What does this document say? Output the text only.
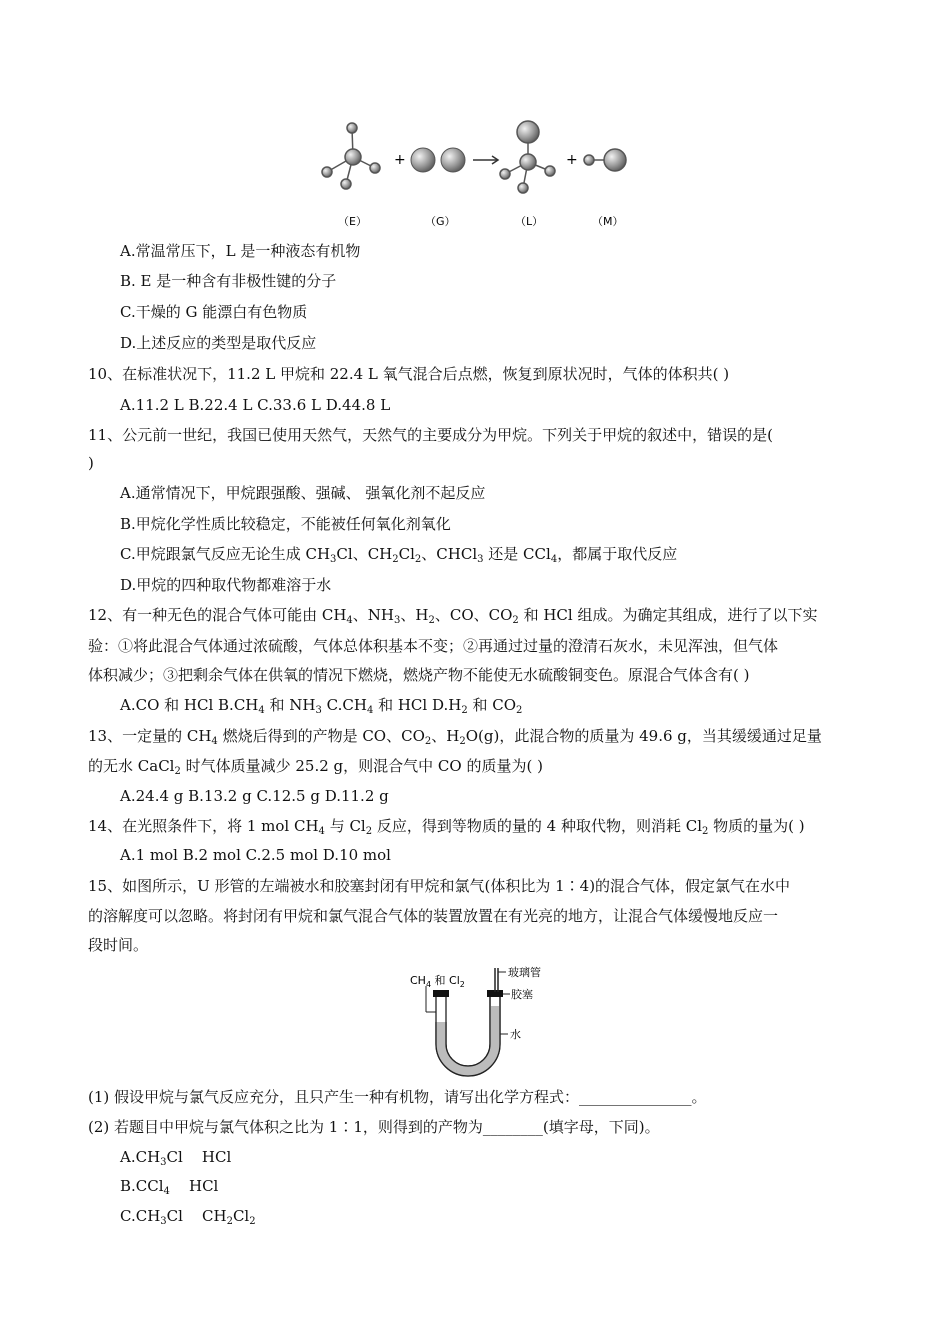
+	+
（E）	（G）	（L）	（M）
A.常温常压下，L 是一种液态有机物
B. E 是一种含有非极性键的分子
C.干燥的 G 能漂白有色物质
D.上述反应的类型是取代反应
10、在标准状况下，11.2 L 甲烷和 22.4 L 氧气混合后点燃，恢复到原状况时，气体的体积共( )
A.11.2 L B.22.4 L C.33.6 L D.44.8 L
11、公元前一世纪，我国已使用天然气，天然气的主要成分为甲烷。下列关于甲烷的叙述中，错误的是(
)
A.通常情况下，甲烷跟强酸、强碱、 强氧化剂不起反应
B.甲烷化学性质比较稳定，不能被任何氧化剂氧化
C.甲烷跟氯气反应无论生成 $CH_3Cl$、$CH_2Cl_2$、CHCl$_3$ 还是 CCl$_4$，都属于取代反应
D.甲烷的四种取代物都难溶于水
12、有一种无色的混合气体可能由 $CH_4$、$NH_3$、$H_2$、CO、$CO_2$ 和 HCl 组成。为确定其组成，进行了以下实
验：①将此混合气体通过浓硫酸，气体总体积基本不变；②再通过过量的澄清石灰水，未见浑浊，但气体
体积减少；③把剩余气体在供氧的情况下燃烧，燃烧产物不能使无水硫酸铜变色。原混合气体含有( )
A.CO 和 HCl $B.CH_4$ 和 $NH_3$ $C.CH_4$ 和 HCl $D.H_2$ 和 $CO_2$
13、一定量的 $CH_4$ 燃烧后得到的产物是 CO、$CO_2$、$H_2O(g)$，此混合物的质量为 49.6 g，当其缓缓通过足量
的无水 CaCl$_2$ 时气体质量减少 25.2 g，则混合气中 CO 的质量为( )
A.24.4 g B.13.2 g C.12.5 g D.11.2 g
14、在光照条件下，将 1 mol $CH_4$ 与 $Cl_2$ 反应，得到等物质的量的 4 种取代物，则消耗 $Cl_2$ 物质的量为( )
A.1 mol B.2 mol C.2.5 mol D.10 mol
15、如图所示，U 形管的左端被水和胶塞封闭有甲烷和氯气(体积比为 1∶4)的混合气体，假定氯气在水中
的溶解度可以忽略。将封闭有甲烷和氯气混合气体的装置放置在有光亮的地方，让混合气体缓慢地反应一
段时间。
$CH_4$ 和 $Cl_2$
玻璃管
胶塞
水
(1) 假设甲烷与氯气反应充分，且只产生一种有机物，请写出化学方程式：_______________。
(2) 若题目中甲烷与氯气体积之比为 1∶1，则得到的产物为________(填字母，下同)。
$A.CH_3Cl$    HCl
B.CCl$_4$    HCl
$C.CH_3Cl$    $CH_2Cl_2$
